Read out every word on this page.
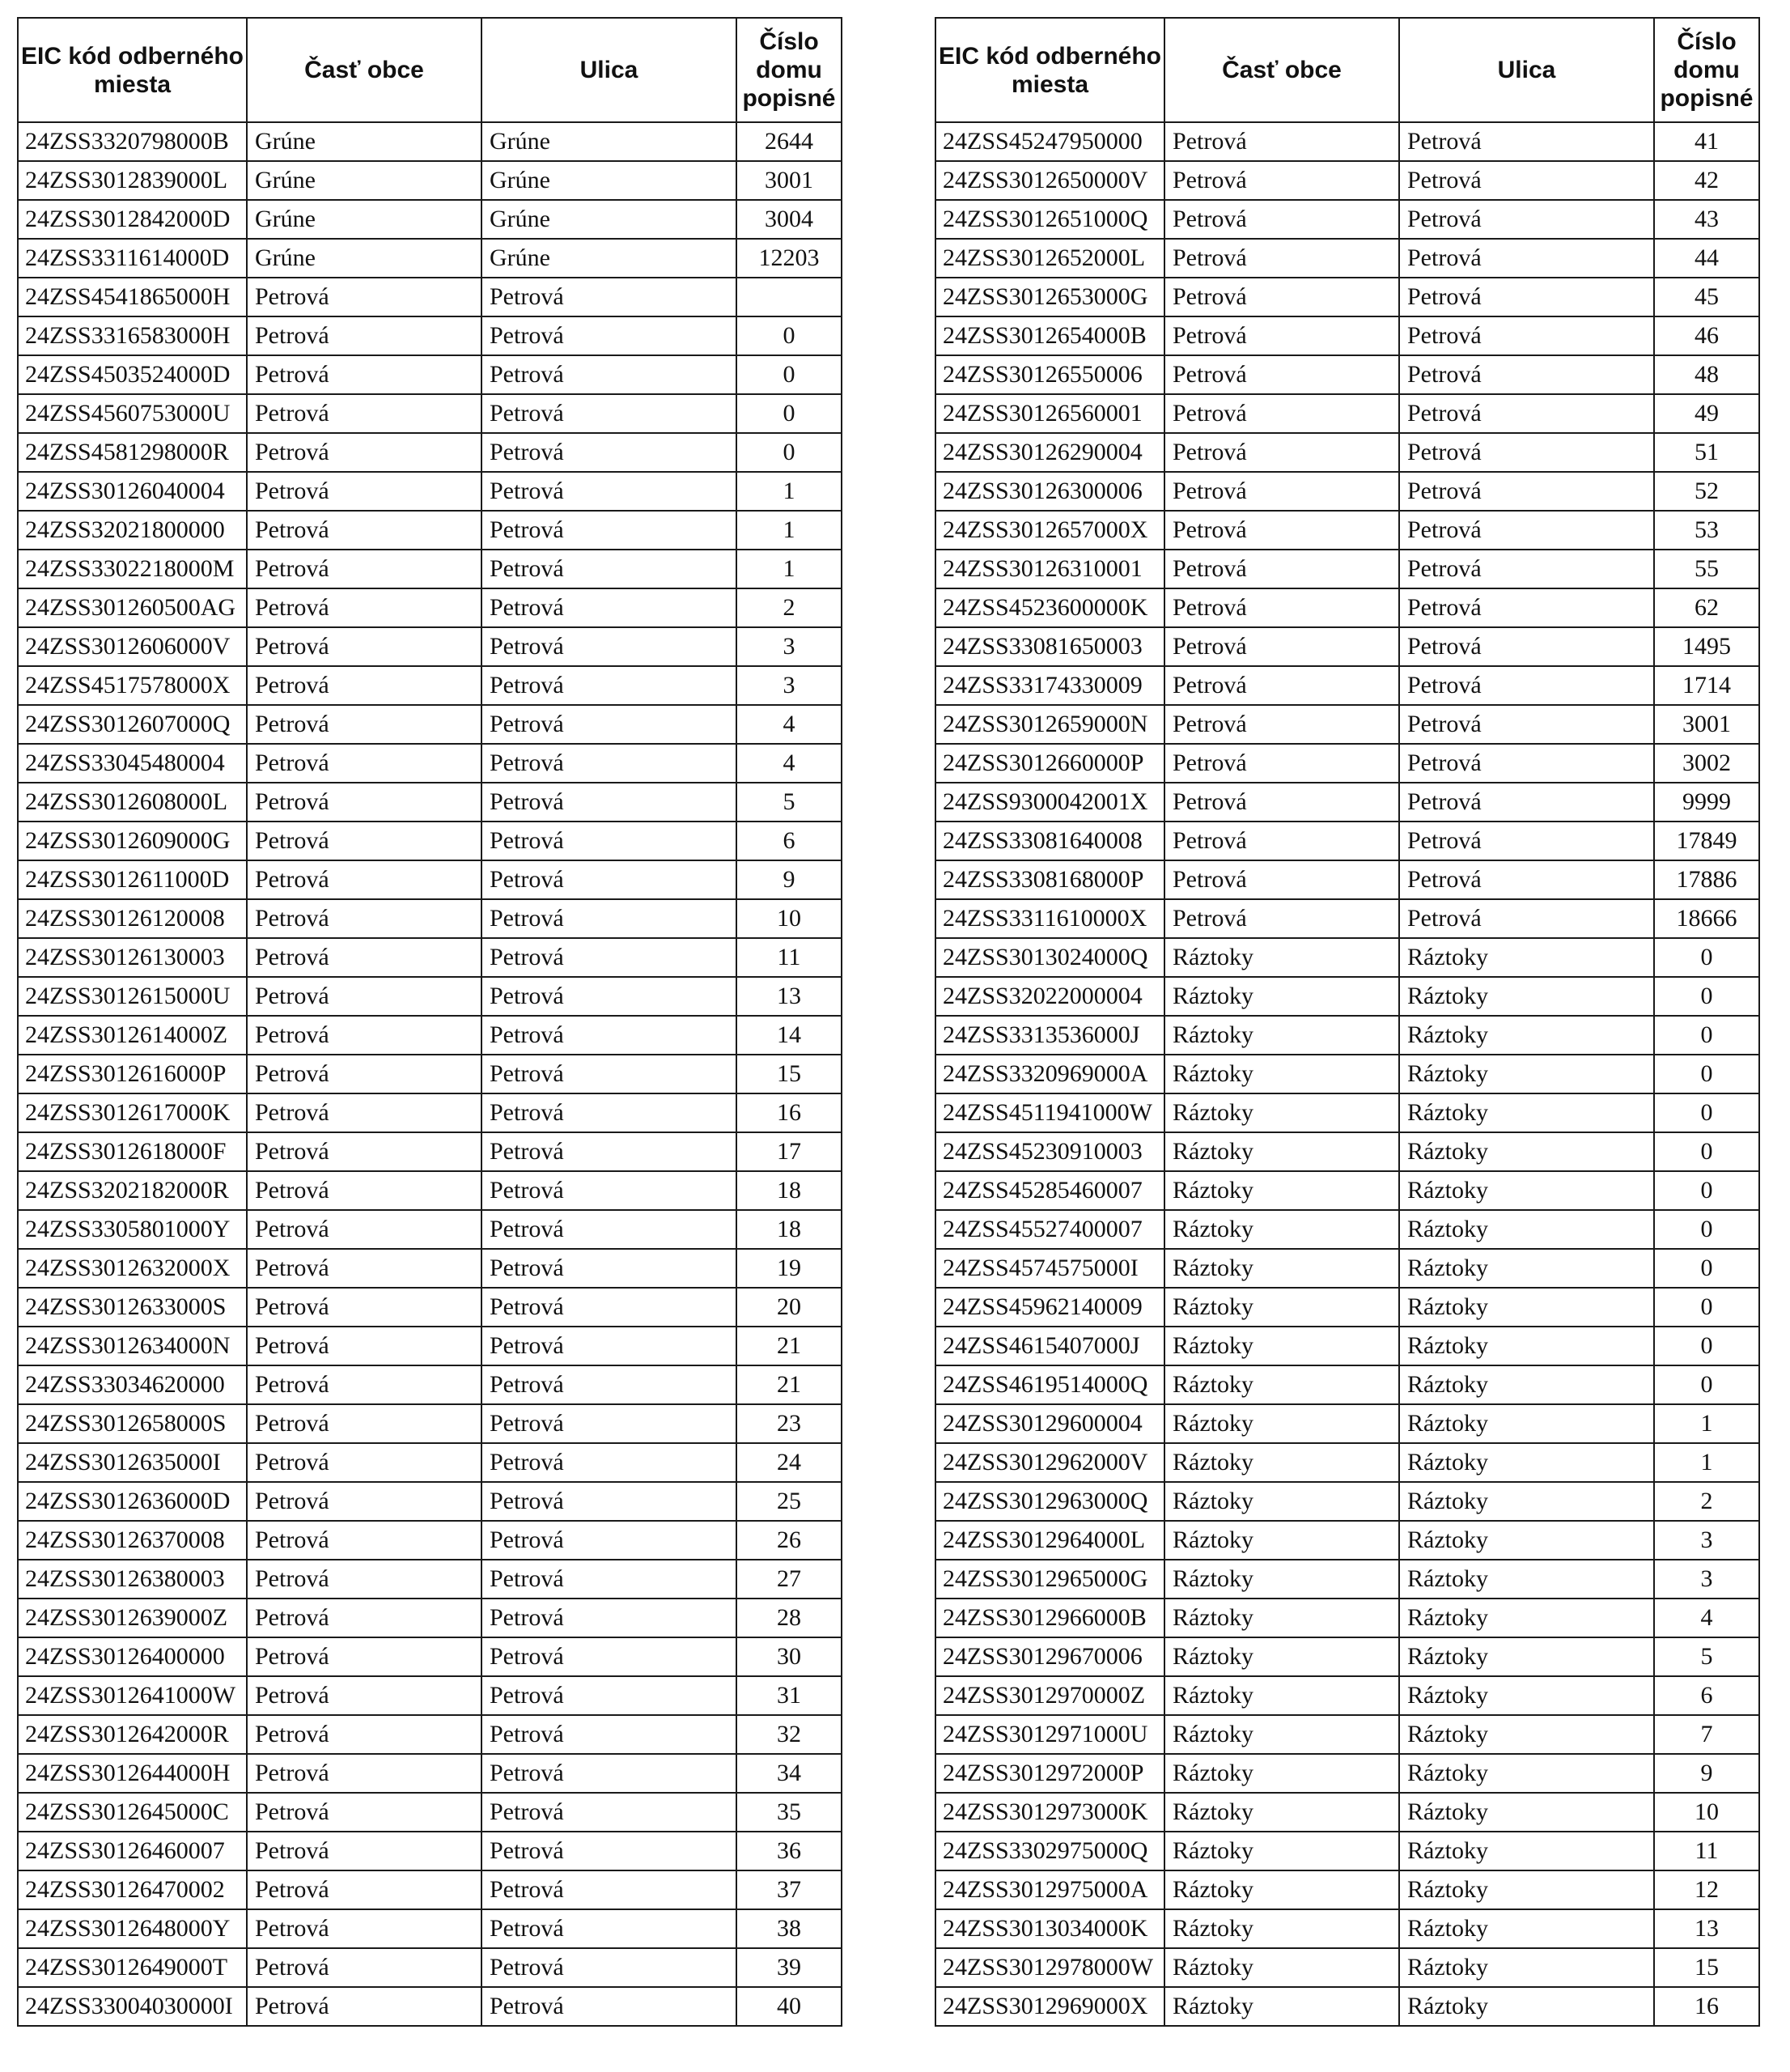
EIC kód odberného miesta	Časť obce	Ulica	Číslo domu popisné
24ZSS3320798000B	Grúne	Grúne	2644
24ZSS3012839000L	Grúne	Grúne	3001
24ZSS3012842000D	Grúne	Grúne	3004
24ZSS3311614000D	Grúne	Grúne	12203
24ZSS4541865000H	Petrová	Petrová	
24ZSS3316583000H	Petrová	Petrová	0
24ZSS4503524000D	Petrová	Petrová	0
24ZSS4560753000U	Petrová	Petrová	0
24ZSS4581298000R	Petrová	Petrová	0
24ZSS30126040004	Petrová	Petrová	1
24ZSS32021800000	Petrová	Petrová	1
24ZSS3302218000M	Petrová	Petrová	1
24ZSS301260500AG	Petrová	Petrová	2
24ZSS3012606000V	Petrová	Petrová	3
24ZSS4517578000X	Petrová	Petrová	3
24ZSS3012607000Q	Petrová	Petrová	4
24ZSS33045480004	Petrová	Petrová	4
24ZSS3012608000L	Petrová	Petrová	5
24ZSS3012609000G	Petrová	Petrová	6
24ZSS3012611000D	Petrová	Petrová	9
24ZSS30126120008	Petrová	Petrová	10
24ZSS30126130003	Petrová	Petrová	11
24ZSS3012615000U	Petrová	Petrová	13
24ZSS3012614000Z	Petrová	Petrová	14
24ZSS3012616000P	Petrová	Petrová	15
24ZSS3012617000K	Petrová	Petrová	16
24ZSS3012618000F	Petrová	Petrová	17
24ZSS3202182000R	Petrová	Petrová	18
24ZSS3305801000Y	Petrová	Petrová	18
24ZSS3012632000X	Petrová	Petrová	19
24ZSS3012633000S	Petrová	Petrová	20
24ZSS3012634000N	Petrová	Petrová	21
24ZSS33034620000	Petrová	Petrová	21
24ZSS3012658000S	Petrová	Petrová	23
24ZSS3012635000I	Petrová	Petrová	24
24ZSS3012636000D	Petrová	Petrová	25
24ZSS30126370008	Petrová	Petrová	26
24ZSS30126380003	Petrová	Petrová	27
24ZSS3012639000Z	Petrová	Petrová	28
24ZSS30126400000	Petrová	Petrová	30
24ZSS3012641000W	Petrová	Petrová	31
24ZSS3012642000R	Petrová	Petrová	32
24ZSS3012644000H	Petrová	Petrová	34
24ZSS3012645000C	Petrová	Petrová	35
24ZSS30126460007	Petrová	Petrová	36
24ZSS30126470002	Petrová	Petrová	37
24ZSS3012648000Y	Petrová	Petrová	38
24ZSS3012649000T	Petrová	Petrová	39
24ZSS33004030000I	Petrová	Petrová	40
EIC kód odberného miesta	Časť obce	Ulica	Číslo domu popisné
24ZSS45247950000	Petrová	Petrová	41
24ZSS3012650000V	Petrová	Petrová	42
24ZSS3012651000Q	Petrová	Petrová	43
24ZSS3012652000L	Petrová	Petrová	44
24ZSS3012653000G	Petrová	Petrová	45
24ZSS3012654000B	Petrová	Petrová	46
24ZSS30126550006	Petrová	Petrová	48
24ZSS30126560001	Petrová	Petrová	49
24ZSS30126290004	Petrová	Petrová	51
24ZSS30126300006	Petrová	Petrová	52
24ZSS3012657000X	Petrová	Petrová	53
24ZSS30126310001	Petrová	Petrová	55
24ZSS4523600000K	Petrová	Petrová	62
24ZSS33081650003	Petrová	Petrová	1495
24ZSS33174330009	Petrová	Petrová	1714
24ZSS3012659000N	Petrová	Petrová	3001
24ZSS3012660000P	Petrová	Petrová	3002
24ZSS9300042001X	Petrová	Petrová	9999
24ZSS33081640008	Petrová	Petrová	17849
24ZSS3308168000P	Petrová	Petrová	17886
24ZSS3311610000X	Petrová	Petrová	18666
24ZSS3013024000Q	Ráztoky	Ráztoky	0
24ZSS32022000004	Ráztoky	Ráztoky	0
24ZSS3313536000J	Ráztoky	Ráztoky	0
24ZSS3320969000A	Ráztoky	Ráztoky	0
24ZSS4511941000W	Ráztoky	Ráztoky	0
24ZSS45230910003	Ráztoky	Ráztoky	0
24ZSS45285460007	Ráztoky	Ráztoky	0
24ZSS45527400007	Ráztoky	Ráztoky	0
24ZSS4574575000I	Ráztoky	Ráztoky	0
24ZSS45962140009	Ráztoky	Ráztoky	0
24ZSS4615407000J	Ráztoky	Ráztoky	0
24ZSS4619514000Q	Ráztoky	Ráztoky	0
24ZSS30129600004	Ráztoky	Ráztoky	1
24ZSS3012962000V	Ráztoky	Ráztoky	1
24ZSS3012963000Q	Ráztoky	Ráztoky	2
24ZSS3012964000L	Ráztoky	Ráztoky	3
24ZSS3012965000G	Ráztoky	Ráztoky	3
24ZSS3012966000B	Ráztoky	Ráztoky	4
24ZSS30129670006	Ráztoky	Ráztoky	5
24ZSS3012970000Z	Ráztoky	Ráztoky	6
24ZSS3012971000U	Ráztoky	Ráztoky	7
24ZSS3012972000P	Ráztoky	Ráztoky	9
24ZSS3012973000K	Ráztoky	Ráztoky	10
24ZSS3302975000Q	Ráztoky	Ráztoky	11
24ZSS3012975000A	Ráztoky	Ráztoky	12
24ZSS3013034000K	Ráztoky	Ráztoky	13
24ZSS3012978000W	Ráztoky	Ráztoky	15
24ZSS3012969000X	Ráztoky	Ráztoky	16
